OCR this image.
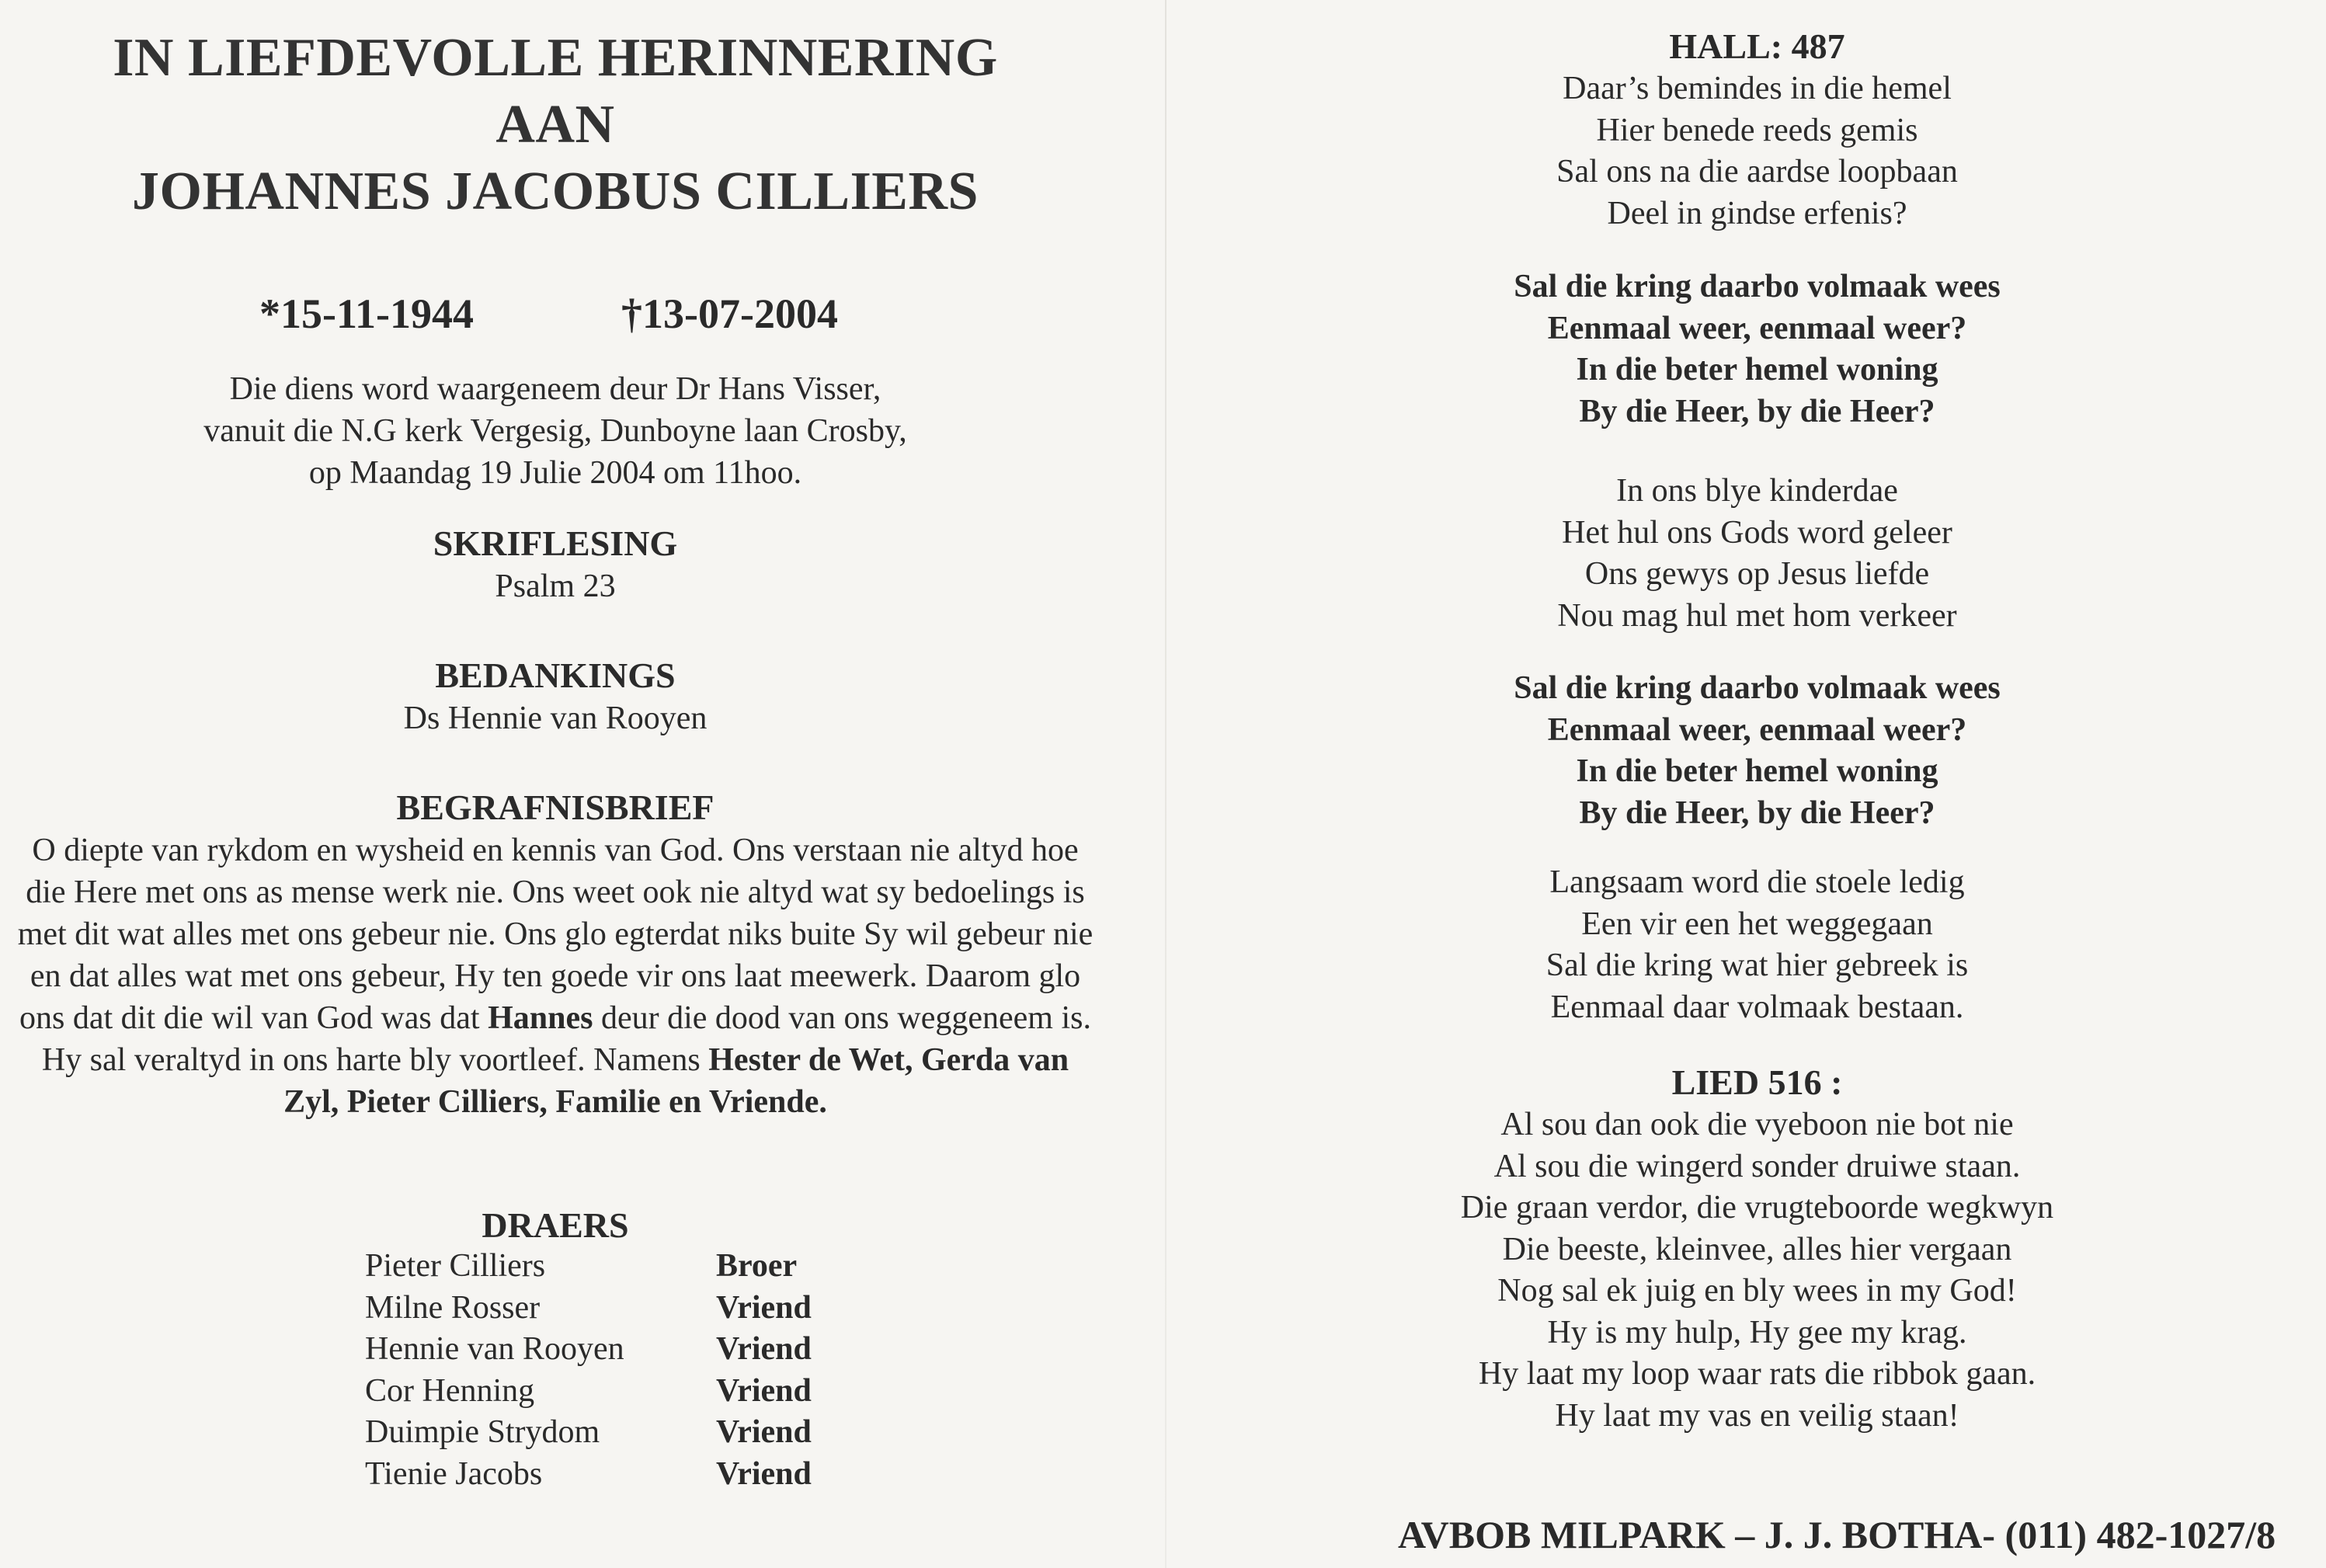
IN LIEFDEVOLLE HERINNERING
AAN
JOHANNES JACOBUS CILLIERS
*15-11-1944	†13-07-2004
Die diens word waargeneem deur Dr Hans Visser,
vanuit die N.G kerk Vergesig, Dunboyne laan Crosby,
op Maandag 19 Julie 2004 om 11hoo.
SKRIFLESING
Psalm 23
BEDANKINGS
Ds Hennie van Rooyen
BEGRAFNISBRIEF
O diepte van rykdom en wysheid en kennis van God. Ons verstaan nie altyd hoe die Here met ons as mense werk nie. Ons weet ook nie altyd wat sy bedoelings is met dit wat alles met ons gebeur nie. Ons glo egterdat niks buite Sy wil gebeur nie en dat alles wat met ons gebeur, Hy ten goede vir ons laat meewerk. Daarom glo ons dat dit die wil van God was dat Hannes deur die dood van ons weggeneem is. Hy sal veraltyd in ons harte bly voortleef. Namens Hester de Wet, Gerda van Zyl, Pieter Cilliers, Familie en Vriende.
DRAERS
Pieter Cilliers	Broer
Milne Rosser	Vriend
Hennie van Rooyen	Vriend
Cor Henning	Vriend
Duimpie Strydom	Vriend
Tienie Jacobs	Vriend
HALL: 487
Daar’s bemindes in die hemel
Hier benede reeds gemis
Sal ons na die aardse loopbaan
Deel in gindse erfenis?
Sal die kring daarbo volmaak wees
Eenmaal weer, eenmaal weer?
In die beter hemel woning
By die Heer, by die Heer?
In ons blye kinderdae
Het hul ons Gods word geleer
Ons gewys op Jesus liefde
Nou mag hul met hom verkeer
Sal die kring daarbo volmaak wees
Eenmaal weer, eenmaal weer?
In die beter hemel woning
By die Heer, by die Heer?
Langsaam word die stoele ledig
Een vir een het weggegaan
Sal die kring wat hier gebreek is
Eenmaal daar volmaak bestaan.
LIED 516 :
Al sou dan ook die vyeboon nie bot nie
Al sou die wingerd sonder druiwe staan.
Die graan verdor, die vrugteboorde wegkwyn
Die beeste, kleinvee, alles hier vergaan
Nog sal ek juig en bly wees in my God!
Hy is my hulp, Hy gee my krag.
Hy laat my loop waar rats die ribbok gaan.
Hy laat my vas en veilig staan!
AVBOB MILPARK – J. J. BOTHA- (011) 482-1027/8
